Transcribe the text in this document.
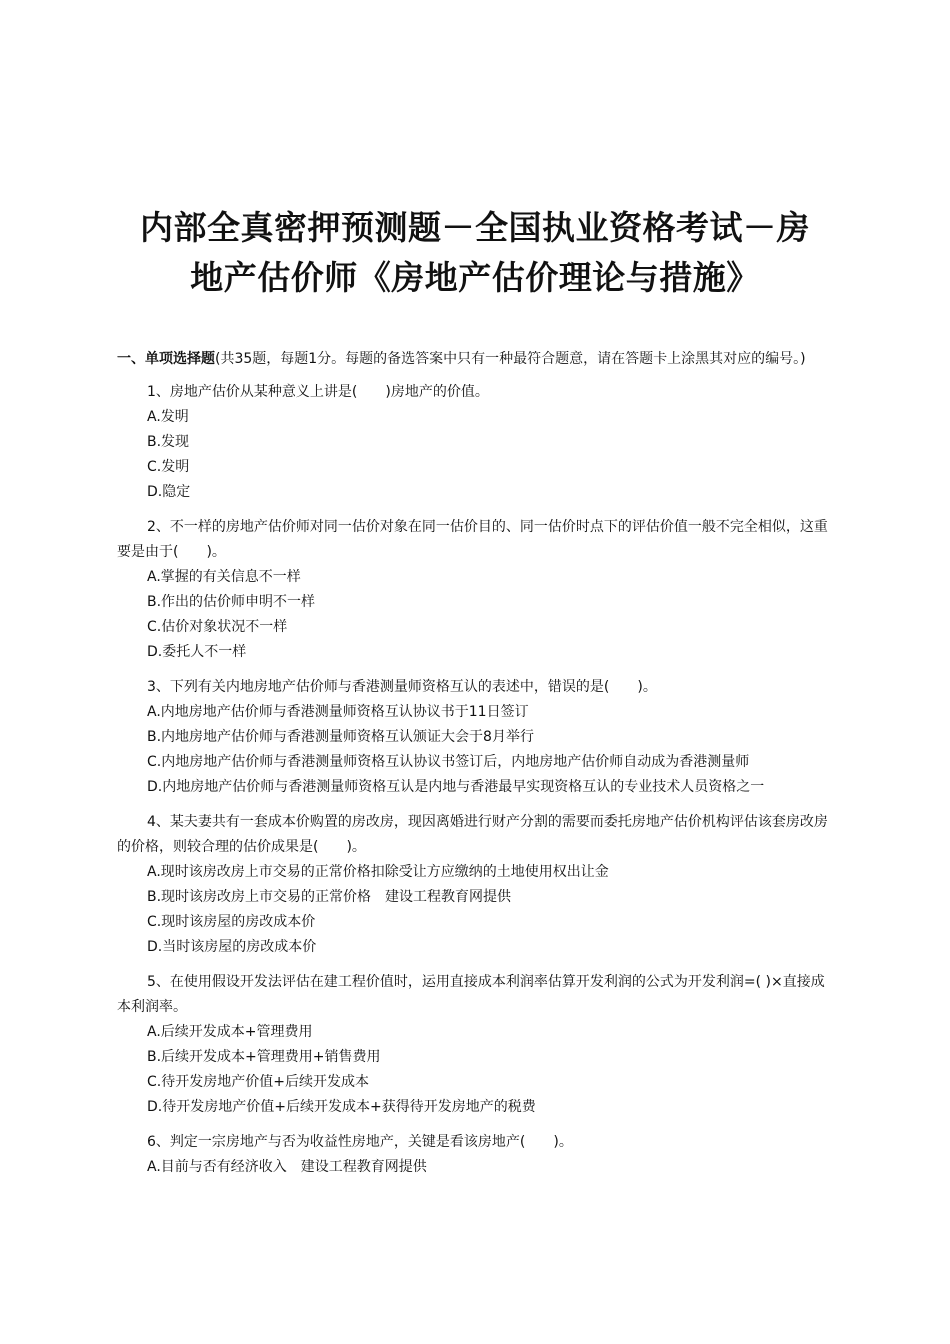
内部全真密押预测题－全国执业资格考试－房
地产估价师《房地产估价理论与措施》
一、单项选择题(共35题，每题1分。每题的备选答案中只有一种最符合题意，请在答题卡上涂黑其对应的编号。)
1、房地产估价从某种意义上讲是(　　)房地产的价值。
A.发明
B.发现
C.发明
D.隐定
2、不一样的房地产估价师对同一估价对象在同一估价目的、同一估价时点下的评估价值一般不完全相似，这重要是由于(　　)。
A.掌握的有关信息不一样
B.作出的估价师申明不一样
C.估价对象状况不一样
D.委托人不一样
3、下列有关内地房地产估价师与香港测量师资格互认的表述中，错误的是(　　)。
A.内地房地产估价师与香港测量师资格互认协议书于11日签订
B.内地房地产估价师与香港测量师资格互认颁证大会于8月举行
C.内地房地产估价师与香港测量师资格互认协议书签订后，内地房地产估价师自动成为香港测量师
D.内地房地产估价师与香港测量师资格互认是内地与香港最早实现资格互认的专业技术人员资格之一
4、某夫妻共有一套成本价购置的房改房，现因离婚进行财产分割的需要而委托房地产估价机构评估该套房改房的价格，则较合理的估价成果是(　　)。
A.现时该房改房上市交易的正常价格扣除受让方应缴纳的土地使用权出让金
B.现时该房改房上市交易的正常价格　建设工程教育网提供
C.现时该房屋的房改成本价
D.当时该房屋的房改成本价
5、在使用假设开发法评估在建工程价值时，运用直接成本利润率估算开发利润的公式为开发利润=( )×直接成本利润率。
A.后续开发成本+管理费用
B.后续开发成本+管理费用+销售费用
C.待开发房地产价值+后续开发成本
D.待开发房地产价值+后续开发成本+获得待开发房地产的税费
6、判定一宗房地产与否为收益性房地产，关键是看该房地产(　　)。
A.目前与否有经济收入　建设工程教育网提供
